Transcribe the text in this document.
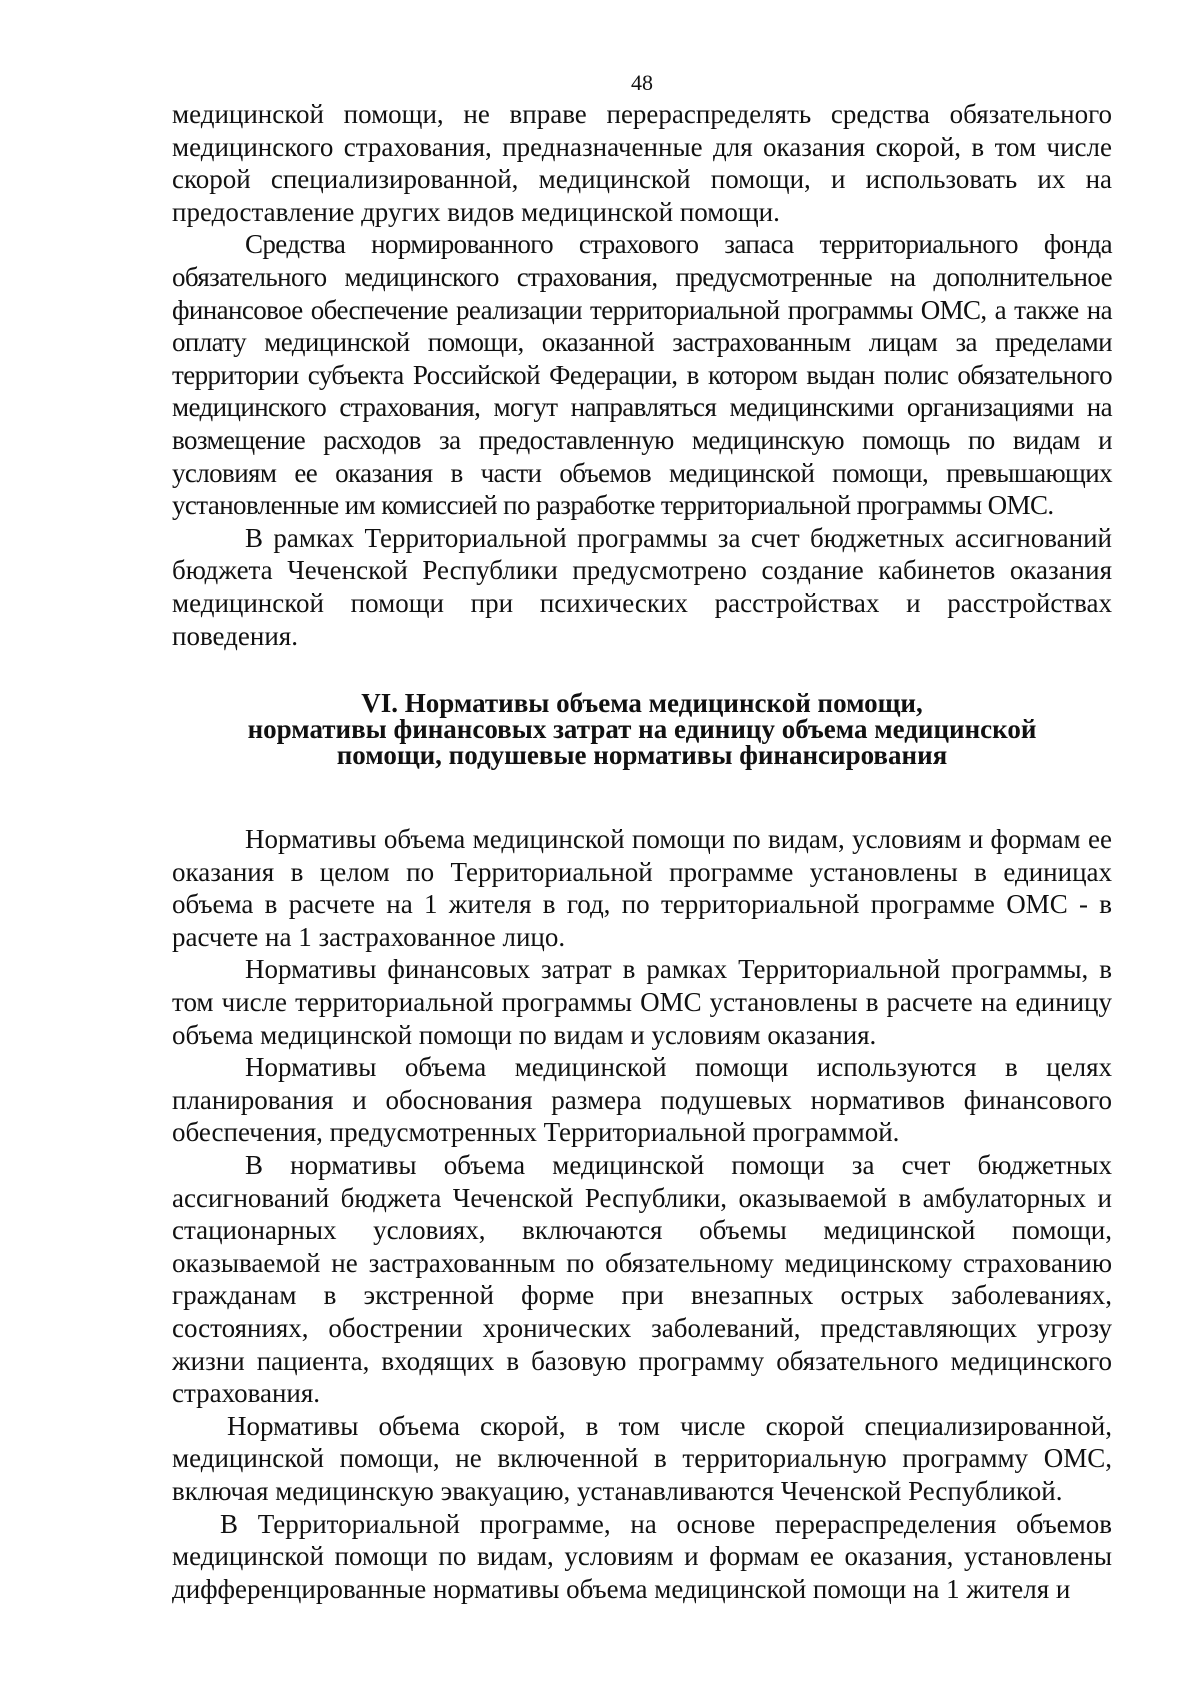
48

медицинской помощи, не вправе перераспределять средства обязательного медицинского страхования, предназначенные для оказания скорой, в том числе скорой специализированной, медицинской помощи, и использовать их на предоставление других видов медицинской помощи.

Средства нормированного страхового запаса территориального фонда обязательного медицинского страхования, предусмотренные на дополнительное финансовое обеспечение реализации территориальной программы ОМС, а также на оплату медицинской помощи, оказанной застрахованным лицам за пределами территории субъекта Российской Федерации, в котором выдан полис обязательного медицинского страхования, могут направляться медицинскими организациями на возмещение расходов за предоставленную медицинскую помощь по видам и условиям ее оказания в части объемов медицинской помощи, превышающих установленные им комиссией по разработке территориальной программы ОМС.

В рамках Территориальной программы за счет бюджетных ассигнований бюджета Чеченской Республики предусмотрено создание кабинетов оказания медицинской помощи при психических расстройствах и расстройствах поведения.

VI. Нормативы объема медицинской помощи,
нормативы финансовых затрат на единицу объема медицинской
помощи, подушевые нормативы финансирования

Нормативы объема медицинской помощи по видам, условиям и формам ее оказания в целом по Территориальной программе установлены в единицах объема в расчете на 1 жителя в год, по территориальной программе ОМС - в расчете на 1 застрахованное лицо.

Нормативы финансовых затрат в рамках Территориальной программы, в том числе территориальной программы ОМС установлены в расчете на единицу объема медицинской помощи по видам и условиям оказания.

Нормативы объема медицинской помощи используются в целях планирования и обоснования размера подушевых нормативов финансового обеспечения, предусмотренных Территориальной программой.

В нормативы объема медицинской помощи за счет бюджетных ассигнований бюджета Чеченской Республики, оказываемой в амбулаторных и стационарных условиях, включаются объемы медицинской помощи, оказываемой не застрахованным по обязательному медицинскому страхованию гражданам в экстренной форме при внезапных острых заболеваниях, состояниях, обострении хронических заболеваний, представляющих угрозу жизни пациента, входящих в базовую программу обязательного медицинского страхования.

Нормативы объема скорой, в том числе скорой специализированной, медицинской помощи, не включенной в территориальную программу ОМС, включая медицинскую эвакуацию, устанавливаются Чеченской Республикой.

В Территориальной программе, на основе перераспределения объемов медицинской помощи по видам, условиям и формам ее оказания, установлены дифференцированные нормативы объема медицинской помощи на 1 жителя и
